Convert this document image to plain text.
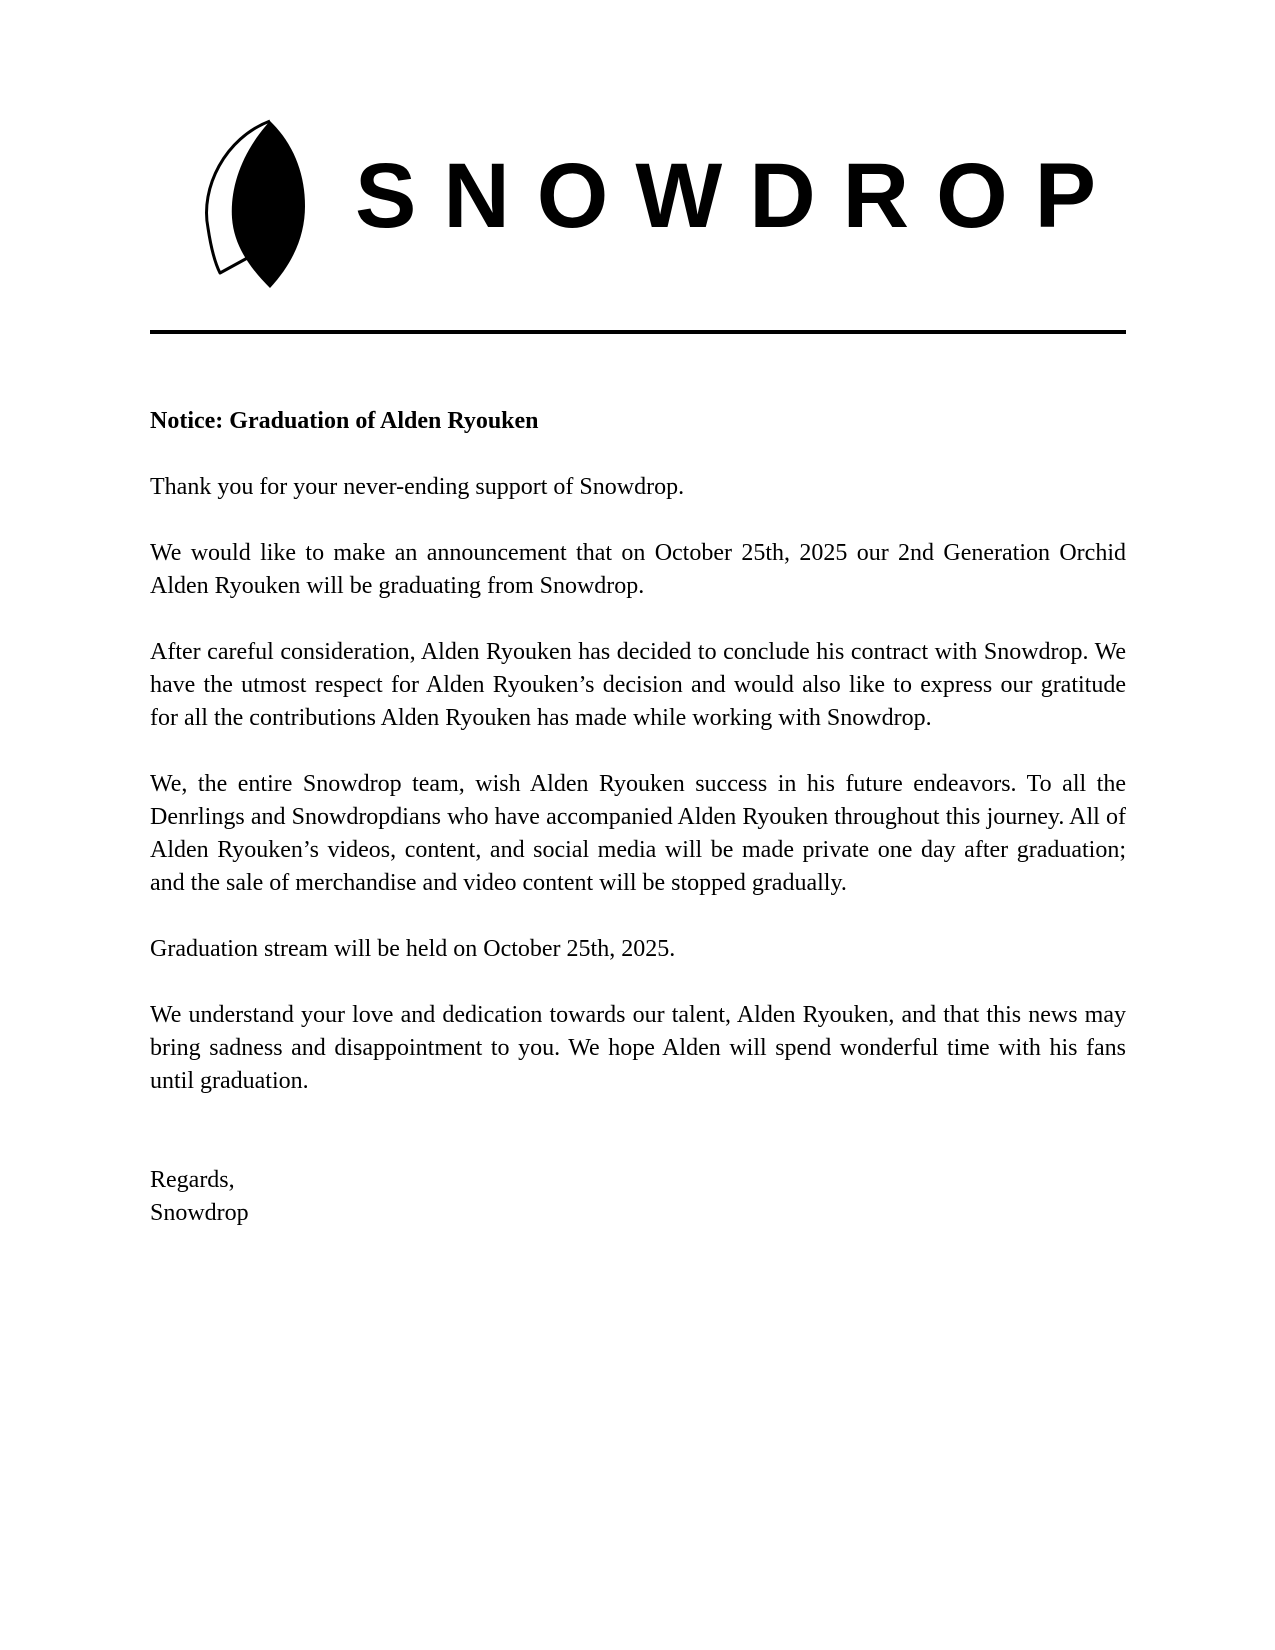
SNOWDROP
Notice: Graduation of Alden Ryouken

Thank you for your never-ending support of Snowdrop.

We would like to make an announcement that on October 25th, 2025 our 2nd Generation Orchid Alden Ryouken will be graduating from Snowdrop.

After careful consideration, Alden Ryouken has decided to conclude his contract with Snowdrop. We have the utmost respect for Alden Ryouken’s decision and would also like to express our gratitude for all the contributions Alden Ryouken has made while working with Snowdrop.

We, the entire Snowdrop team, wish Alden Ryouken success in his future endeavors. To all the Denrlings and Snowdropdians who have accompanied Alden Ryouken throughout this journey. All of Alden Ryouken’s videos, content, and social media will be made private one day after graduation; and the sale of merchandise and video content will be stopped gradually.

Graduation stream will be held on October 25th, 2025.

We understand your love and dedication towards our talent, Alden Ryouken, and that this news may bring sadness and disappointment to you. We hope Alden will spend wonderful time with his fans until graduation.

Regards,
Snowdrop
